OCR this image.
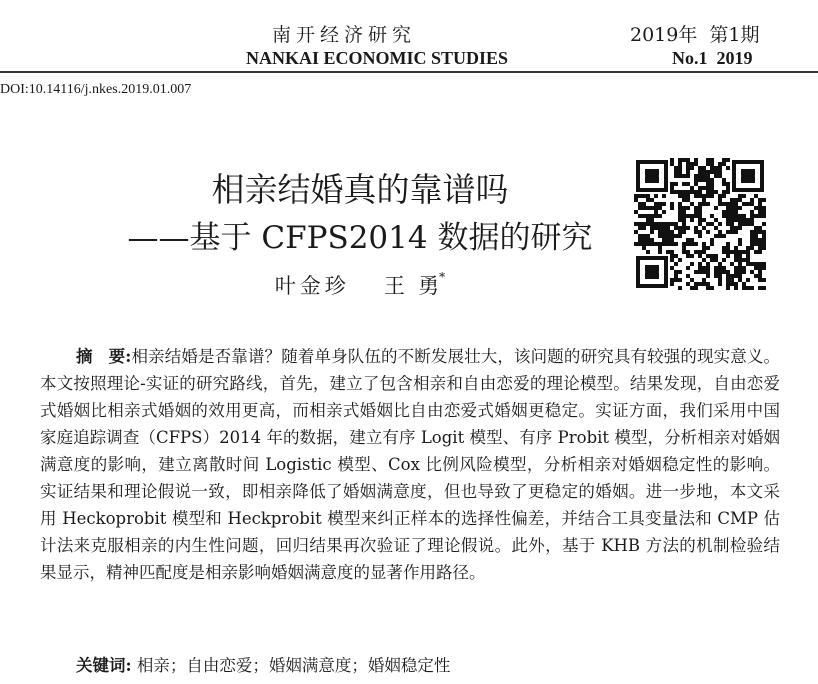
南开经济研究
NANKAI ECONOMIC STUDIES
2019年  第1期
No.1  2019
DOI:10.14116/j.nkes.2019.01.007
相亲结婚真的靠谱吗
——基于 CFPS2014 数据的研究
叶金珍 王  勇*
摘要:相亲结婚是否靠谱？随着单身队伍的不断发展壮大，该问题的研究具有较强的现实意义。本文按照理论-实证的研究路线，首先，建立了包含相亲和自由恋爱的理论模型。结果发现，自由恋爱式婚姻比相亲式婚姻的效用更高，而相亲式婚姻比自由恋爱式婚姻更稳定。实证方面，我们采用中国家庭追踪调查（CFPS）2014 年的数据，建立有序 Logit 模型、有序 Probit 模型，分析相亲对婚姻满意度的影响，建立离散时间 Logistic 模型、Cox 比例风险模型，分析相亲对婚姻稳定性的影响。实证结果和理论假说一致，即相亲降低了婚姻满意度，但也导致了更稳定的婚姻。进一步地，本文采用 Heckoprobit 模型和 Heckprobit 模型来纠正样本的选择性偏差，并结合工具变量法和 CMP 估计法来克服相亲的内生性问题，回归结果再次验证了理论假说。此外，基于 KHB 方法的机制检验结果显示，精神匹配度是相亲影响婚姻满意度的显著作用路径。
关键词: 相亲；自由恋爱；婚姻满意度；婚姻稳定性
